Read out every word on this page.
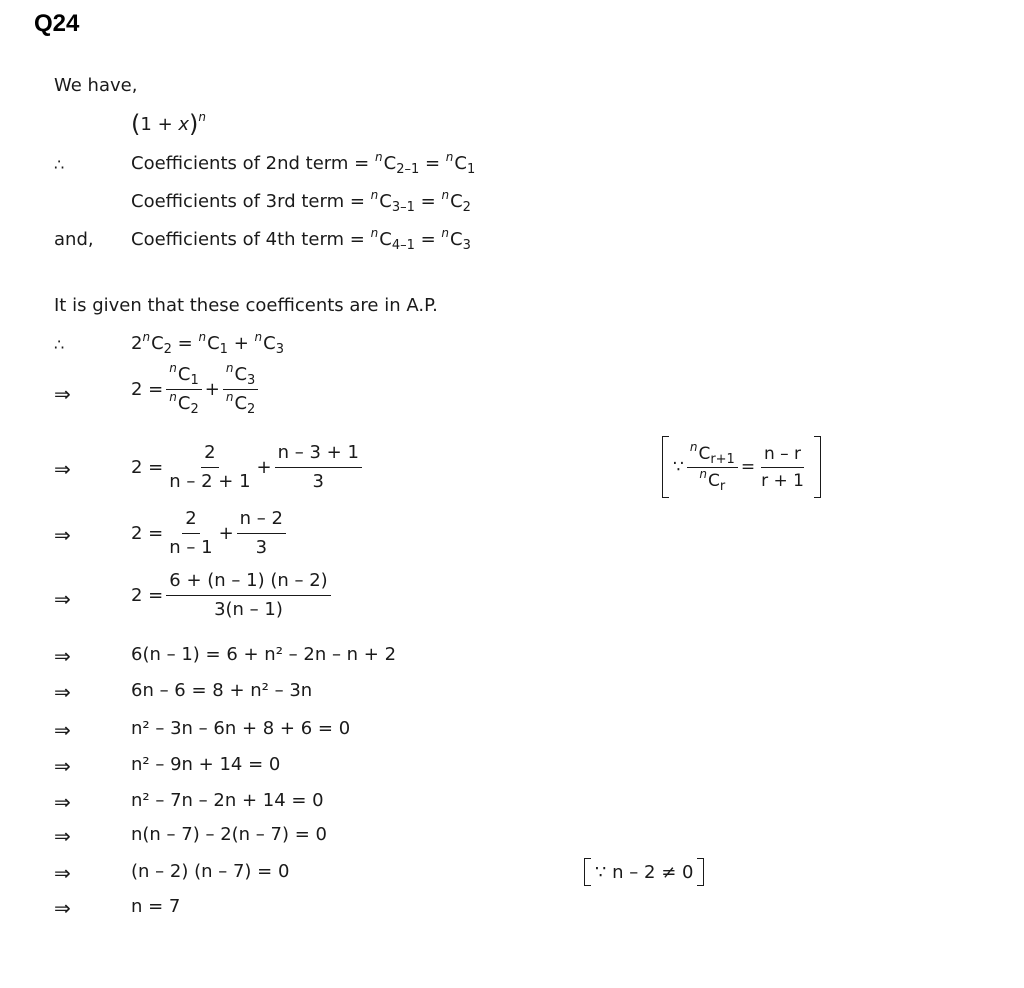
Q24
We have,
$(1 + x)^n$
∴	Coefficients of 2nd term = $^nC_{2-1} = ^nC_1$
Coefficients of 3rd term = $^nC_{3-1} = ^nC_2$
and, Coefficients of 4th term = $^nC_{4-1} = ^nC_3$
It is given that these coefficents are in A.P.
∴	$2^nC_2 = ^nC_1 + ^nC_3$
⇒	$2 = \frac{^nC_1}{^nC_2} + \frac{^nC_3}{^nC_2}$
⇒	$2 = \frac{2}{n - 2 + 1} + \frac{n - 3 + 1}{3}$	∵ $\frac{^nC_{r+1}}{^nC_r} = \frac{n - r}{r + 1}$
⇒	$2 = \frac{2}{n - 1} + \frac{n - 2}{3}$
⇒	$2 = \frac{6 + (n - 1) (n - 2)}{3(n - 1)}$
⇒	6(n – 1) = 6 + n² – 2n – n + 2
⇒	6n – 6 = 8 + n² – 3n
⇒	n² – 3n – 6n + 8 + 6 = 0
⇒	n² – 9n + 14 = 0
⇒	n² – 7n – 2n + 14 = 0
⇒	n(n – 7) – 2(n – 7) = 0
⇒	(n – 2) (n – 7) = 0	∵ n – 2 ≠ 0
⇒	n = 7
